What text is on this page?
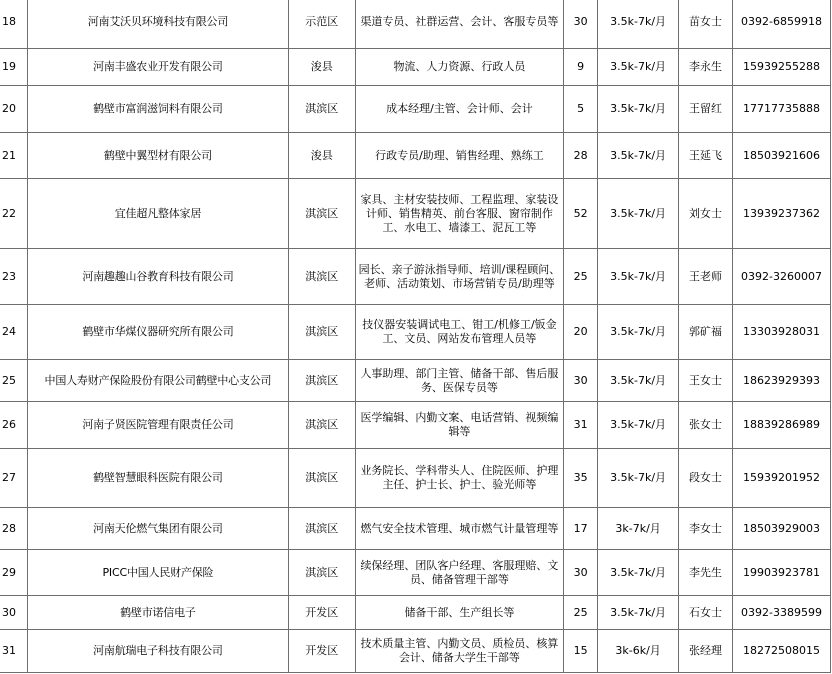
18	河南艾沃贝环境科技有限公司	示范区	渠道专员、社群运营、会计、客服专员等	30	3.5k-7k/月	苗女士	0392-6859918
19	河南丰盛农业开发有限公司	浚县	物流、人力资源、行政人员	9	3.5k-7k/月	李永生	15939255288
20	鹤壁市富润滋饲料有限公司	淇滨区	成本经理/主管、会计师、会计	5	3.5k-7k/月	王留红	17717735888
21	鹤壁中翼型材有限公司	浚县	行政专员/助理、销售经理、熟练工	28	3.5k-7k/月	王延飞	18503921606
22	宜佳超凡整体家居	淇滨区	家具、主材安装技师、工程监理、家装设计师、销售精英、前台客服、窗帘制作工、水电工、墙漆工、泥瓦工等	52	3.5k-7k/月	刘女士	13939237362
23	河南趣趣山谷教育科技有限公司	淇滨区	园长、亲子游泳指导师、培训/课程顾问、老师、活动策划、市场营销专员/助理等	25	3.5k-7k/月	王老师	0392-3260007
24	鹤壁市华煤仪器研究所有限公司	淇滨区	技仪器安装调试电工、钳工/机修工/钣金工、文员、网站发布管理人员等	20	3.5k-7k/月	郭矿福	13303928031
25	中国人寿财产保险股份有限公司鹤壁中心支公司	淇滨区	人事助理、部门主管、储备干部、售后服务、医保专员等	30	3.5k-7k/月	王女士	18623929393
26	河南子贤医院管理有限责任公司	淇滨区	医学编辑、内勤文案、电话营销、视频编辑等	31	3.5k-7k/月	张女士	18839286989
27	鹤壁智慧眼科医院有限公司	淇滨区	业务院长、学科带头人、住院医师、护理主任、护士长、护士、验光师等	35	3.5k-7k/月	段女士	15939201952
28	河南天伦燃气集团有限公司	淇滨区	燃气安全技术管理、城市燃气计量管理等	17	3k-7k/月	李女士	18503929003
29	PICC中国人民财产保险	淇滨区	续保经理、团队客户经理、客服理赔、文员、储备管理干部等	30	3.5k-7k/月	李先生	19903923781
30	鹤壁市诺信电子	开发区	储备干部、生产组长等	25	3.5k-7k/月	石女士	0392-3389599
31	河南航瑞电子科技有限公司	开发区	技术质量主管、内勤文员、质检员、核算会计、储备大学生干部等	15	3k-6k/月	张经理	18272508015
